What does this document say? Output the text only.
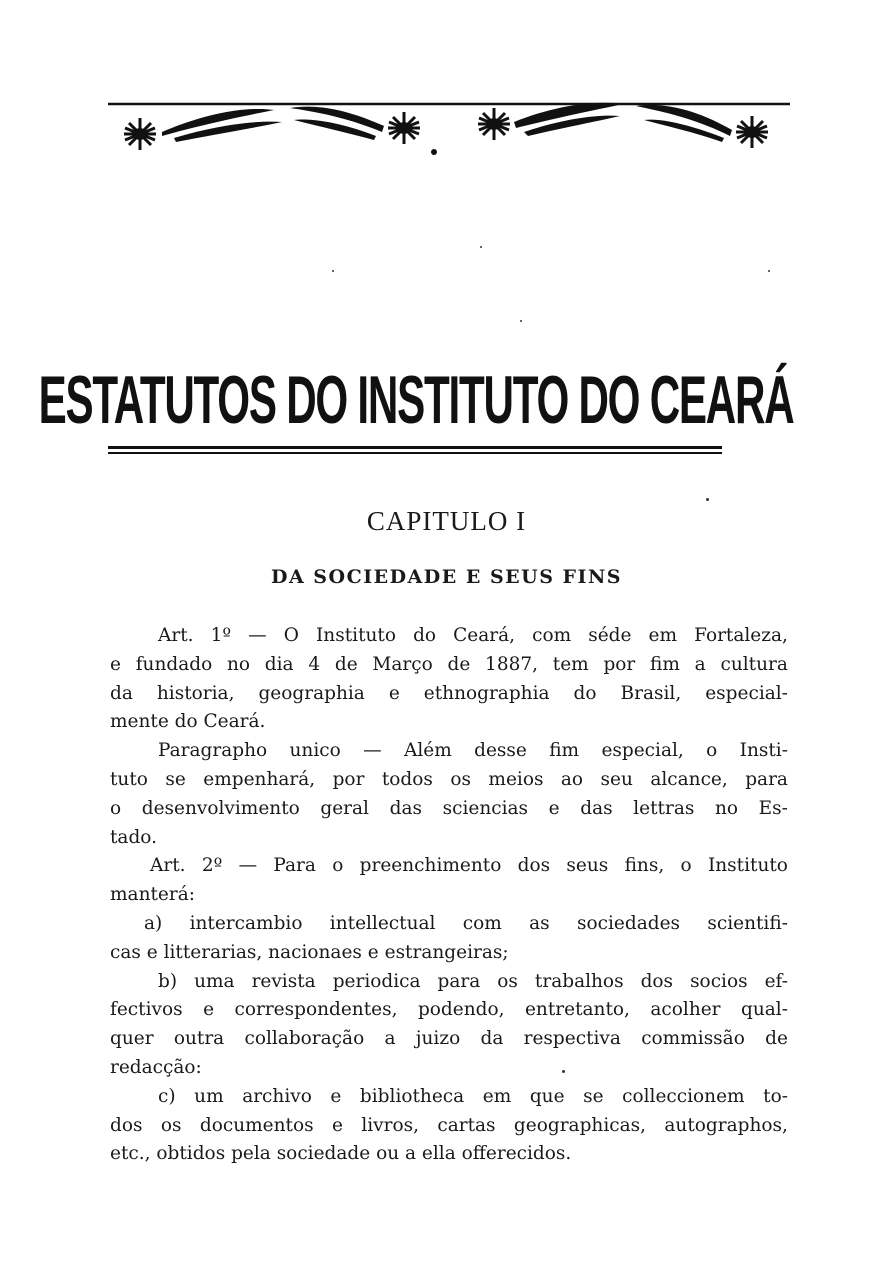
ESTATUTOS DO INSTITUTO DO CEARÁ
CAPITULO I
DA SOCIEDADE E SEUS FINS
Art. 1º — O Instituto do Ceará, com séde em Fortaleza,
e fundado no dia 4 de Março de 1887, tem por fim a cultura
da historia, geographia e ethnographia do Brasil, especial-
mente do Ceará.
Paragrapho unico — Além desse fim especial, o Insti-
tuto se empenhará, por todos os meios ao seu alcance, para
o desenvolvimento geral das sciencias e das lettras no Es-
tado.
Art. 2º — Para o preenchimento dos seus fins, o Instituto
manterá:
a) intercambio intellectual com as sociedades scientifi-
cas e litterarias, nacionaes e estrangeiras;
b) uma revista periodica para os trabalhos dos socios ef-
fectivos e correspondentes, podendo, entretanto, acolher qual-
quer outra collaboração a juizo da respectiva commissão de
redacção:
c) um archivo e bibliotheca em que se colleccionem to-
dos os documentos e livros, cartas geographicas, autographos,
etc., obtidos pela sociedade ou a ella offerecidos.
